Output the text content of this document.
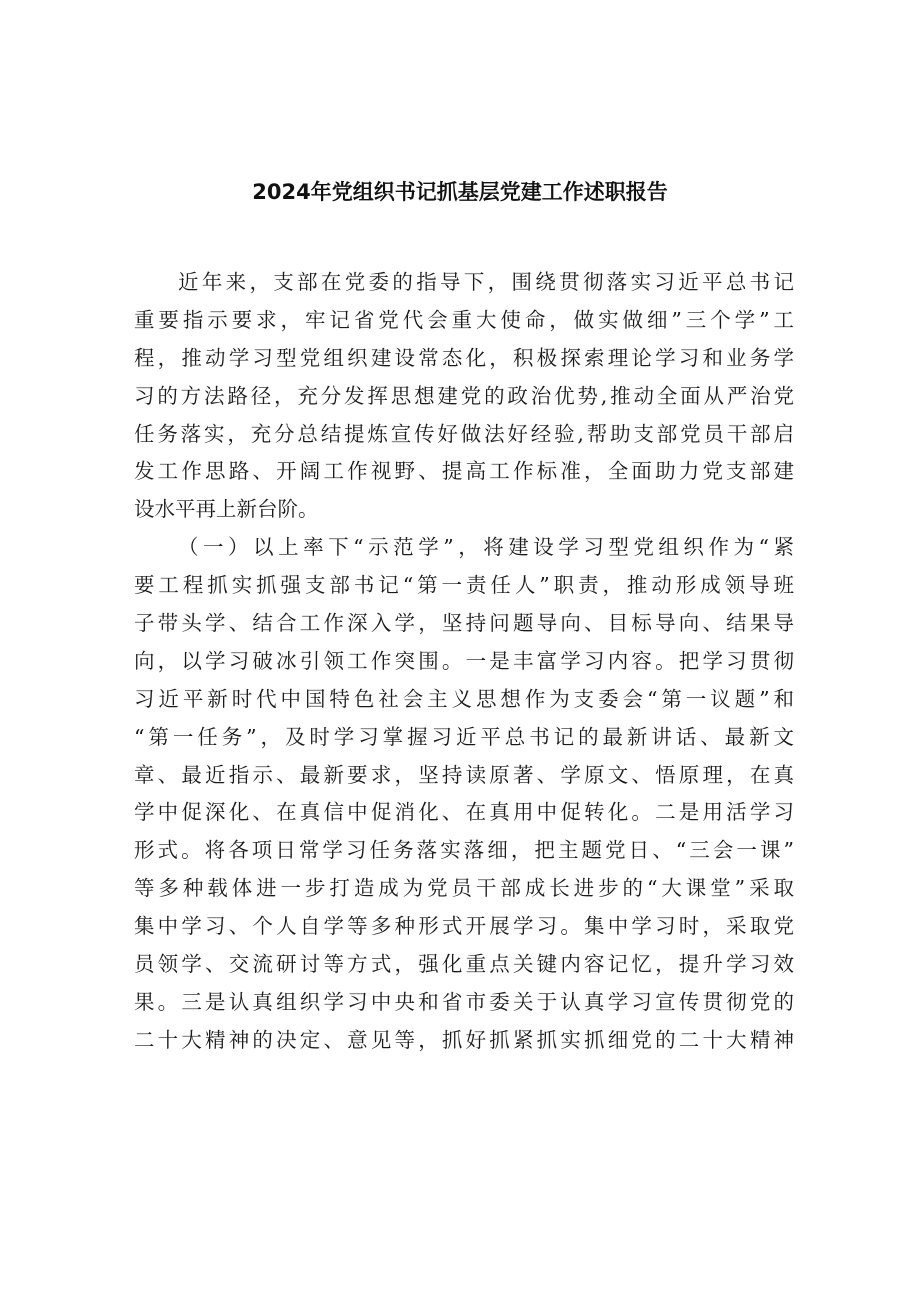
2024年党组织书记抓基层党建工作述职报告
近年来，支部在党委的指导下，围绕贯彻落实习近平总书记
重要指示要求，牢记省党代会重大使命，做实做细”三个学”工
程，推动学习型党组织建设常态化，积极探索理论学习和业务学
习的方法路径，充分发挥思想建党的政治优势,推动全面从严治党
任务落实，充分总结提炼宣传好做法好经验,帮助支部党员干部启
发工作思路、开阔工作视野、提高工作标准，全面助力党支部建
设水平再上新台阶。
（一）以上率下“示范学”，将建设学习型党组织作为“紧
要工程抓实抓强支部书记“第一责任人”职责，推动形成领导班
子带头学、结合工作深入学，坚持问题导向、目标导向、结果导
向，以学习破冰引领工作突围。一是丰富学习内容。把学习贯彻
习近平新时代中国特色社会主义思想作为支委会“第一议题”和
“第一任务”，及时学习掌握习近平总书记的最新讲话、最新文
章、最近指示、最新要求，坚持读原著、学原文、悟原理，在真
学中促深化、在真信中促消化、在真用中促转化。二是用活学习
形式。将各项日常学习任务落实落细，把主题党日、“三会一课”
等多种载体进一步打造成为党员干部成长进步的“大课堂”采取
集中学习、个人自学等多种形式开展学习。集中学习时，采取党
员领学、交流研讨等方式，强化重点关键内容记忆，提升学习效
果。三是认真组织学习中央和省市委关于认真学习宣传贯彻党的
二十大精神的决定、意见等，抓好抓紧抓实抓细党的二十大精神
